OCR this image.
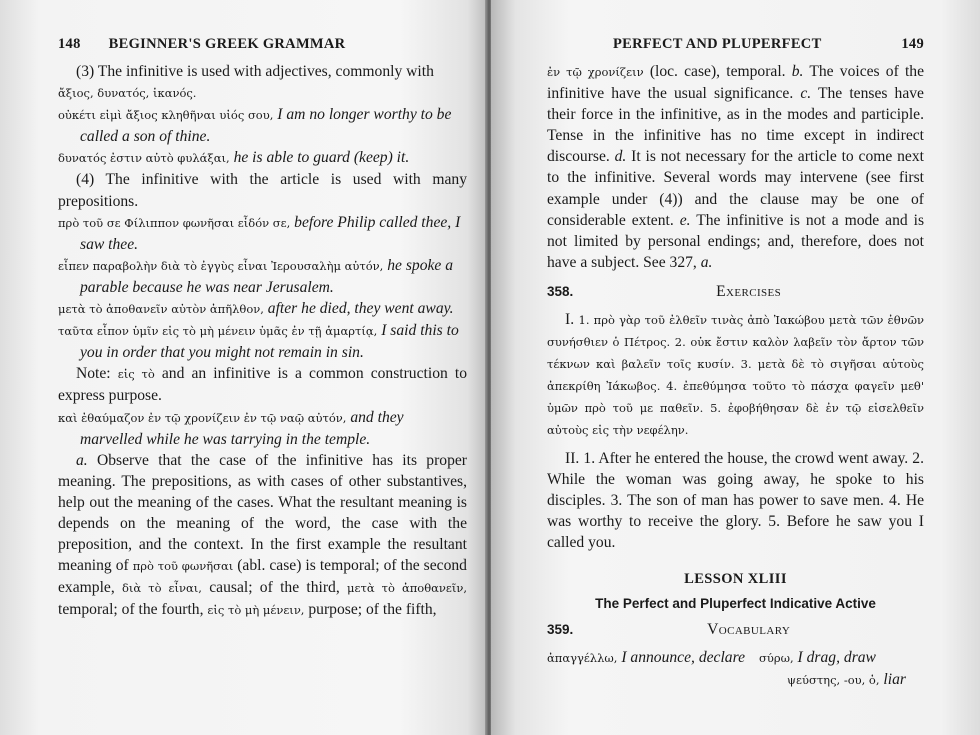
148	BEGINNER'S GREEK GRAMMAR

(3) The infinitive is used with adjectives, commonly with

ἄξιος, δυνατός, ἱκανός.

οὐκέτι εἰμὶ ἄξιος κληθῆναι υἱός σου, I am no longer worthy to be called a son of thine.
δυνατός ἐστιν αὐτὸ φυλάξαι, he is able to guard (keep) it.

(4) The infinitive with the article is used with many prepositions.

πρὸ τοῦ σε Φίλιππον φωνῆσαι εἶδόν σε, before Philip called thee, I saw thee.
εἶπεν παραβολὴν διὰ τὸ ἐγγὺς εἶναι Ἰερουσαλὴμ αὐτόν, he spoke a parable because he was near Jerusalem.
μετὰ τὸ ἀποθανεῖν αὐτὸν ἀπῆλθον, after he died, they went away.
ταῦτα εἶπον ὑμῖν εἰς τὸ μὴ μένειν ὑμᾶς ἐν τῇ ἁμαρτίᾳ, I said this to you in order that you might not remain in sin.

Note: εἰς τὸ and an infinitive is a common construction to express purpose.

καὶ ἐθαύμαζον ἐν τῷ χρονίζειν ἐν τῷ ναῷ αὐτόν, and they marvelled while he was tarrying in the temple.

a. Observe that the case of the infinitive has its proper meaning. The prepositions, as with cases of other substantives, help out the meaning of the cases. What the resultant meaning is depends on the meaning of the word, the case with the preposition, and the context. In the first example the resultant meaning of πρὸ τοῦ φωνῆσαι (abl. case) is temporal; of the second example, διὰ τὸ εἶναι, causal; of the third, μετὰ τὸ ἀποθανεῖν, temporal; of the fourth, εἰς τὸ μὴ μένειν, purpose; of the fifth,

PERFECT AND PLUPERFECT	149

ἐν τῷ χρονίζειν (loc. case), temporal. b. The voices of the infinitive have the usual significance. c. The tenses have their force in the infinitive, as in the modes and participle. Tense in the infinitive has no time except in indirect discourse. d. It is not necessary for the article to come next to the infinitive. Several words may intervene (see first example under (4)) and the clause may be one of considerable extent. e. The infinitive is not a mode and is not limited by personal endings; and, therefore, does not have a subject. See 327, a.

358.	Exercises

I. 1. πρὸ γὰρ τοῦ ἐλθεῖν τινὰς ἀπὸ Ἰακώβου μετὰ τῶν ἐθνῶν συνήσθιεν ὁ Πέτρος. 2. οὐκ ἔστιν καλὸν λαβεῖν τὸν ἄρτον τῶν τέκνων καὶ βαλεῖν τοῖς κυσίν. 3. μετὰ δὲ τὸ σιγῆσαι αὐτοὺς ἀπεκρίθη Ἰάκωβος. 4. ἐπεθύμησα τοῦτο τὸ πάσχα φαγεῖν μεθ' ὑμῶν πρὸ τοῦ με παθεῖν. 5. ἐφοβήθησαν δὲ ἐν τῷ εἰσελθεῖν αὐτοὺς εἰς τὴν νεφέλην.

II. 1. After he entered the house, the crowd went away. 2. While the woman was going away, he spoke to his disciples. 3. The son of man has power to save men. 4. He was worthy to receive the glory. 5. Before he saw you I called you.

LESSON XLIII
The Perfect and Pluperfect Indicative Active
359.	Vocabulary
ἀπαγγέλλω, I announce, declare	σύρω, I drag, draw
ψεύστης, -ου, ὁ, liar
